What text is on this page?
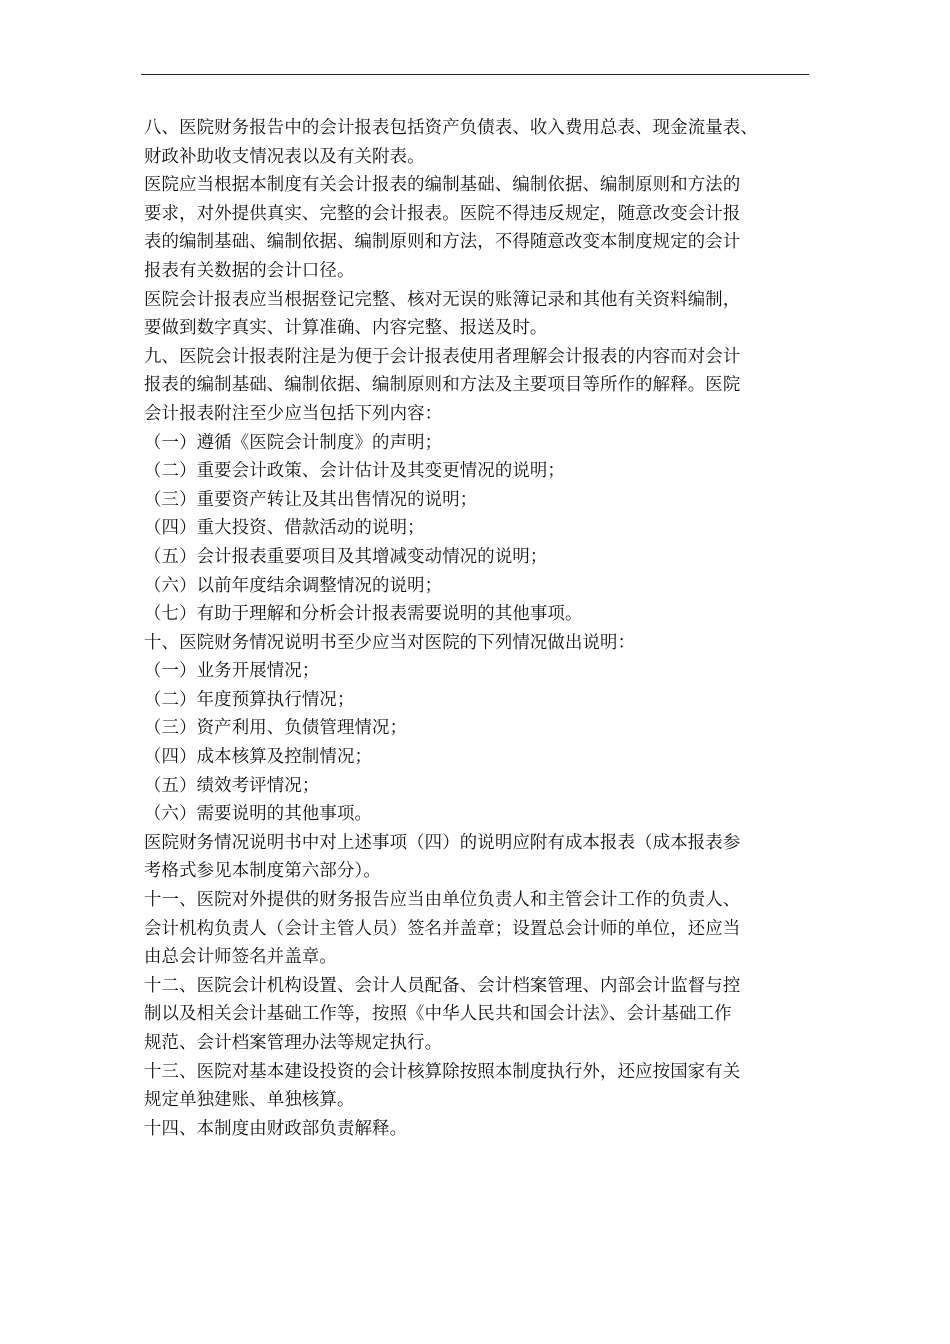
八、医院财务报告中的会计报表包括资产负债表、收入费用总表、现金流量表、
财政补助收支情况表以及有关附表。
医院应当根据本制度有关会计报表的编制基础、编制依据、编制原则和方法的
要求，对外提供真实、完整的会计报表。医院不得违反规定，随意改变会计报
表的编制基础、编制依据、编制原则和方法，不得随意改变本制度规定的会计
报表有关数据的会计口径。
医院会计报表应当根据登记完整、核对无误的账簿记录和其他有关资料编制，
要做到数字真实、计算准确、内容完整、报送及时。
九、医院会计报表附注是为便于会计报表使用者理解会计报表的内容而对会计
报表的编制基础、编制依据、编制原则和方法及主要项目等所作的解释。医院
会计报表附注至少应当包括下列内容：
（一）遵循《医院会计制度》的声明；
（二）重要会计政策、会计估计及其变更情况的说明；
（三）重要资产转让及其出售情况的说明；
（四）重大投资、借款活动的说明；
（五）会计报表重要项目及其增减变动情况的说明；
（六）以前年度结余调整情况的说明；
（七）有助于理解和分析会计报表需要说明的其他事项。
十、医院财务情况说明书至少应当对医院的下列情况做出说明：
（一）业务开展情况；
（二）年度预算执行情况；
（三）资产利用、负债管理情况；
（四）成本核算及控制情况；
（五）绩效考评情况；
（六）需要说明的其他事项。
医院财务情况说明书中对上述事项（四）的说明应附有成本报表（成本报表参
考格式参见本制度第六部分）。
十一、医院对外提供的财务报告应当由单位负责人和主管会计工作的负责人、
会计机构负责人（会计主管人员）签名并盖章；设置总会计师的单位，还应当
由总会计师签名并盖章。
十二、医院会计机构设置、会计人员配备、会计档案管理、内部会计监督与控
制以及相关会计基础工作等，按照《中华人民共和国会计法》、会计基础工作
规范、会计档案管理办法等规定执行。
十三、医院对基本建设投资的会计核算除按照本制度执行外，还应按国家有关
规定单独建账、单独核算。
十四、本制度由财政部负责解释。
